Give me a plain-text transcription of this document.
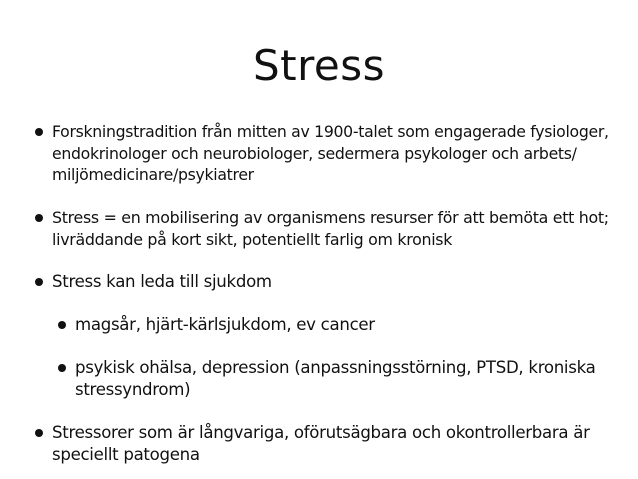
Stress
Forskningstradition från mitten av 1900-talet som engagerade fysiologer,
endokrinologer och neurobiologer, sedermera psykologer och arbets/
miljömedicinare/psykiatrer
Stress = en mobilisering av organismens resurser för att bemöta ett hot;
livräddande på kort sikt, potentiellt farlig om kronisk
Stress kan leda till sjukdom
magsår, hjärt-kärlsjukdom, ev cancer
psykisk ohälsa, depression (anpassningsstörning, PTSD, kroniska
stressyndrom)
Stressorer som är långvariga, oförutsägbara och okontrollerbara är
speciellt patogena
